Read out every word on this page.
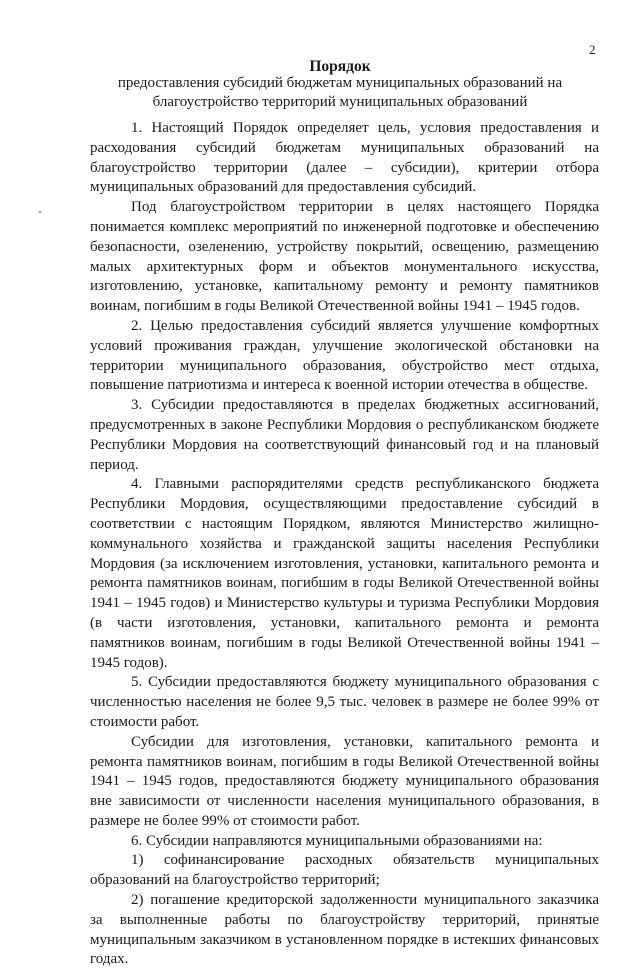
2
Порядок
предоставления субсидий бюджетам муниципальных образований на благоустройство территорий муниципальных образований

1. Настоящий Порядок определяет цель, условия предоставления и расходования субсидий бюджетам муниципальных образований на благоустройство территории (далее – субсидии), критерии отбора муниципальных образований для предоставления субсидий.

Под благоустройством территории в целях настоящего Порядка понимается комплекс мероприятий по инженерной подготовке и обеспечению безопасности, озеленению, устройству покрытий, освещению, размещению малых архитектурных форм и объектов монументального искусства, изготовлению, установке, капитальному ремонту и ремонту памятников воинам, погибшим в годы Великой Отечественной войны 1941 – 1945 годов.

2. Целью предоставления субсидий является улучшение комфортных условий проживания граждан, улучшение экологической обстановки на территории муниципального образования, обустройство мест отдыха, повышение патриотизма и интереса к военной истории отечества в обществе.

3. Субсидии предоставляются в пределах бюджетных ассигнований, предусмотренных в законе Республики Мордовия о республиканском бюджете Республики Мордовия на соответствующий финансовый год и на плановый период.

4. Главными распорядителями средств республиканского бюджета Республики Мордовия, осуществляющими предоставление субсидий в соответствии с настоящим Порядком, являются Министерство жилищно-коммунального хозяйства и гражданской защиты населения Республики Мордовия (за исключением изготовления, установки, капитального ремонта и ремонта памятников воинам, погибшим в годы Великой Отечественной войны 1941 – 1945 годов) и Министерство культуры и туризма Республики Мордовия (в части изготовления, установки, капитального ремонта и ремонта памятников воинам, погибшим в годы Великой Отечественной войны 1941 – 1945 годов).

5. Субсидии предоставляются бюджету муниципального образования с численностью населения не более 9,5 тыс. человек в размере не более 99% от стоимости работ.

Субсидии для изготовления, установки, капитального ремонта и ремонта памятников воинам, погибшим в годы Великой Отечественной войны 1941 – 1945 годов, предоставляются бюджету муниципального образования вне зависимости от численности населения муниципального образования, в размере не более 99% от стоимости работ.

6. Субсидии направляются муниципальными образованиями на:

1) софинансирование расходных обязательств муниципальных образований на благоустройство территорий;

2) погашение кредиторской задолженности муниципального заказчика за выполненные работы по благоустройству территорий, принятые муниципальным заказчиком в установленном порядке в истекших финансовых годах.
